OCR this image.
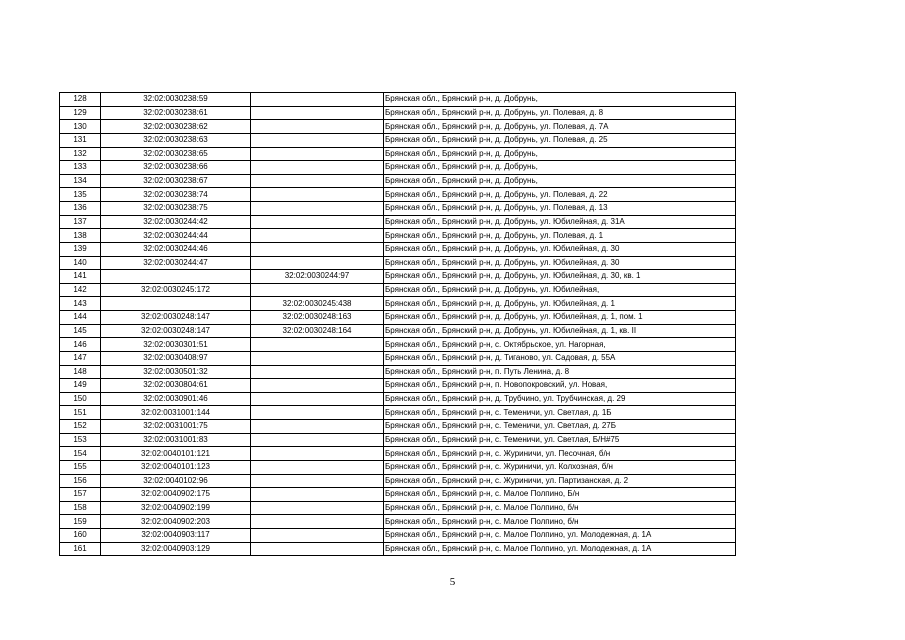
128	32:02:0030238:59		Брянская обл., Брянский р-н, д. Добрунь,
129	32:02:0030238:61		Брянская обл., Брянский р-н, д. Добрунь, ул. Полевая, д. 8
130	32:02:0030238:62		Брянская обл., Брянский р-н, д. Добрунь, ул. Полевая, д. 7А
131	32:02:0030238:63		Брянская обл., Брянский р-н, д. Добрунь, ул. Полевая, д. 25
132	32:02:0030238:65		Брянская обл., Брянский р-н, д. Добрунь,
133	32:02:0030238:66		Брянская обл., Брянский р-н, д. Добрунь,
134	32:02:0030238:67		Брянская обл., Брянский р-н, д. Добрунь,
135	32:02:0030238:74		Брянская обл., Брянский р-н, д. Добрунь, ул. Полевая, д. 22
136	32:02:0030238:75		Брянская обл., Брянский р-н, д. Добрунь, ул. Полевая, д. 13
137	32:02:0030244:42		Брянская обл., Брянский р-н, д. Добрунь, ул. Юбилейная, д. 31А
138	32:02:0030244:44		Брянская обл., Брянский р-н, д. Добрунь, ул. Полевая, д. 1
139	32:02:0030244:46		Брянская обл., Брянский р-н, д. Добрунь, ул. Юбилейная, д. 30
140	32:02:0030244:47		Брянская обл., Брянский р-н, д. Добрунь, ул. Юбилейная, д. 30
141		32:02:0030244:97	Брянская обл., Брянский р-н, д. Добрунь, ул. Юбилейная, д. 30, кв. 1
142	32:02:0030245:172		Брянская обл., Брянский р-н, д. Добрунь, ул. Юбилейная,
143		32:02:0030245:438	Брянская обл., Брянский р-н, д. Добрунь, ул. Юбилейная, д. 1
144	32:02:0030248:147	32:02:0030248:163	Брянская обл., Брянский р-н, д. Добрунь, ул. Юбилейная, д. 1, пом. 1
145	32:02:0030248:147	32:02:0030248:164	Брянская обл., Брянский р-н, д. Добрунь, ул. Юбилейная, д. 1, кв. II
146	32:02:0030301:51		Брянская обл., Брянский р-н, с. Октябрьское, ул. Нагорная,
147	32:02:0030408:97		Брянская обл., Брянский р-н, д. Тиганово, ул. Садовая, д. 55А
148	32:02:0030501:32		Брянская обл., Брянский р-н, п. Путь Ленина, д. 8
149	32:02:0030804:61		Брянская обл., Брянский р-н, п. Новопокровский, ул. Новая,
150	32:02:0030901:46		Брянская обл., Брянский р-н, д. Трубчино, ул. Трубчинская, д. 29
151	32:02:0031001:144		Брянская обл., Брянский р-н, с. Теменичи, ул. Светлая, д. 1Б
152	32:02:0031001:75		Брянская обл., Брянский р-н, с. Теменичи, ул. Светлая, д. 27Б
153	32:02:0031001:83		Брянская обл., Брянский р-н, с. Теменичи, ул. Светлая, Б/Н#75
154	32:02:0040101:121		Брянская обл., Брянский р-н, с. Журиничи, ул. Песочная, б/н
155	32:02:0040101:123		Брянская обл., Брянский р-н, с. Журиничи, ул. Колхозная, б/н
156	32:02:0040102:96		Брянская обл., Брянский р-н, с. Журиничи, ул. Партизанская, д. 2
157	32:02:0040902:175		Брянская обл., Брянский р-н, с. Малое Полпино, Б/н
158	32:02:0040902:199		Брянская обл., Брянский р-н, с. Малое Полпино, б/н
159	32:02:0040902:203		Брянская обл., Брянский р-н, с. Малое Полпино, б/н
160	32:02:0040903:117		Брянская обл., Брянский р-н, с. Малое Полпино, ул. Молодежная, д. 1А
161	32:02:0040903:129		Брянская обл., Брянский р-н, с. Малое Полпино, ул. Молодежная, д. 1А
5
